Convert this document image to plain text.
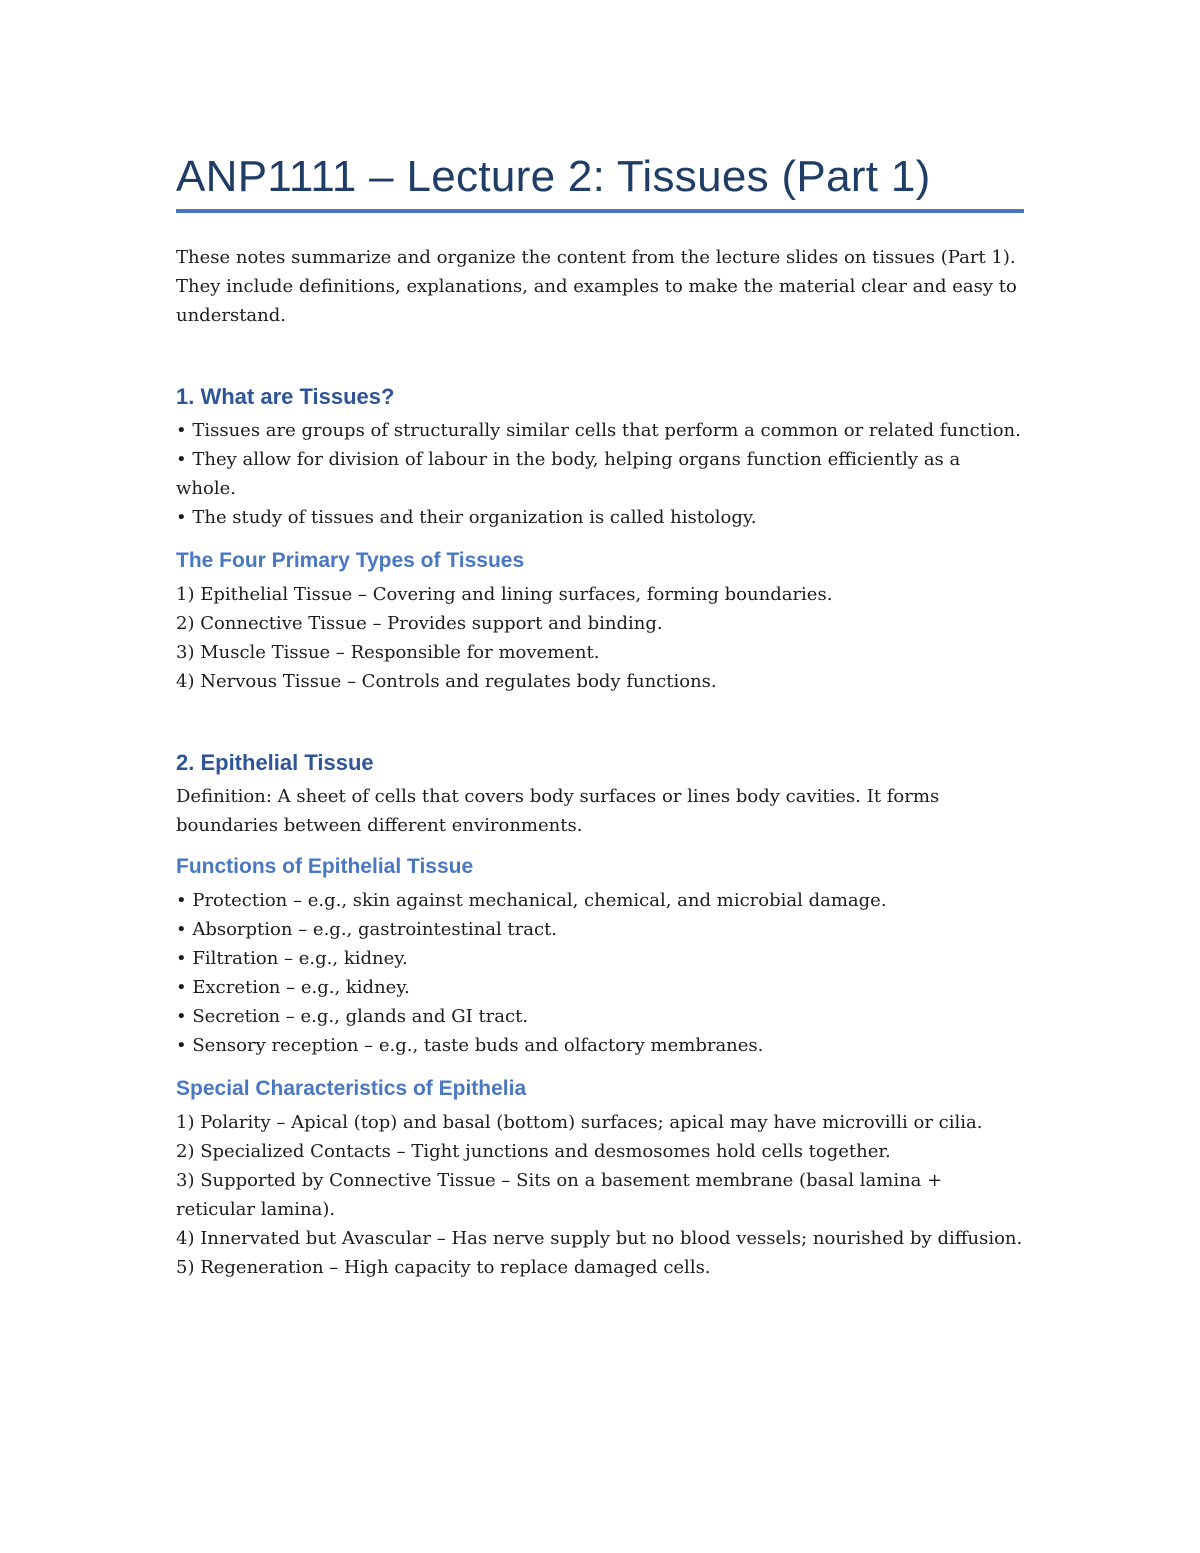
ANP1111 – Lecture 2: Tissues (Part 1)

These notes summarize and organize the content from the lecture slides on tissues (Part 1). They include definitions, explanations, and examples to make the material clear and easy to understand.

1. What are Tissues?
• Tissues are groups of structurally similar cells that perform a common or related function.
• They allow for division of labour in the body, helping organs function efficiently as a whole.
• The study of tissues and their organization is called histology.
The Four Primary Types of Tissues
1) Epithelial Tissue – Covering and lining surfaces, forming boundaries.
2) Connective Tissue – Provides support and binding.
3) Muscle Tissue – Responsible for movement.
4) Nervous Tissue – Controls and regulates body functions.
2. Epithelial Tissue

Definition: A sheet of cells that covers body surfaces or lines body cavities. It forms boundaries between different environments.

Functions of Epithelial Tissue
• Protection – e.g., skin against mechanical, chemical, and microbial damage.
• Absorption – e.g., gastrointestinal tract.
• Filtration – e.g., kidney.
• Excretion – e.g., kidney.
• Secretion – e.g., glands and GI tract.
• Sensory reception – e.g., taste buds and olfactory membranes.
Special Characteristics of Epithelia
1) Polarity – Apical (top) and basal (bottom) surfaces; apical may have microvilli or cilia.
2) Specialized Contacts – Tight junctions and desmosomes hold cells together.
3) Supported by Connective Tissue – Sits on a basement membrane (basal lamina + reticular lamina).
4) Innervated but Avascular – Has nerve supply but no blood vessels; nourished by diffusion.
5) Regeneration – High capacity to replace damaged cells.
